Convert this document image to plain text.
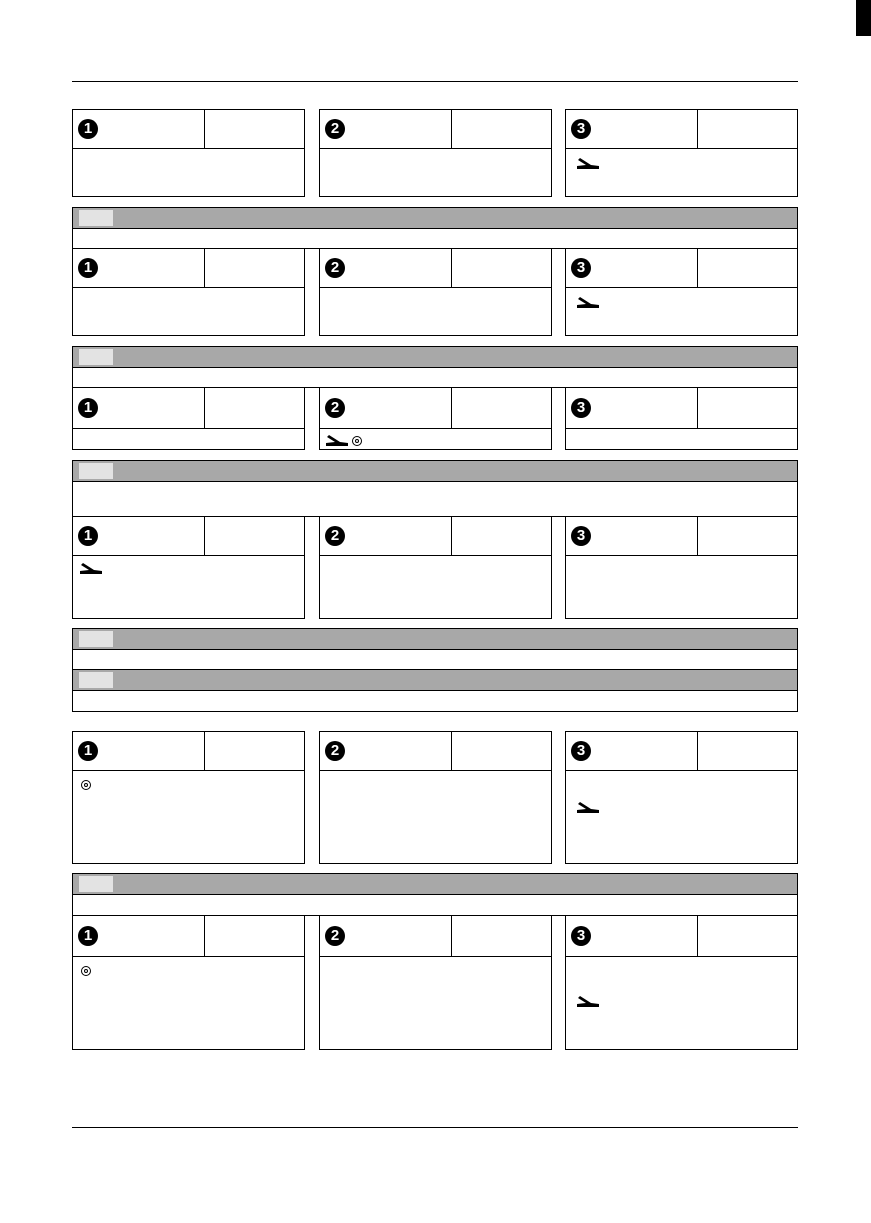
1	2	3
1	2	3
1	2	3
1	2	3
1	2	3
1	2	3
